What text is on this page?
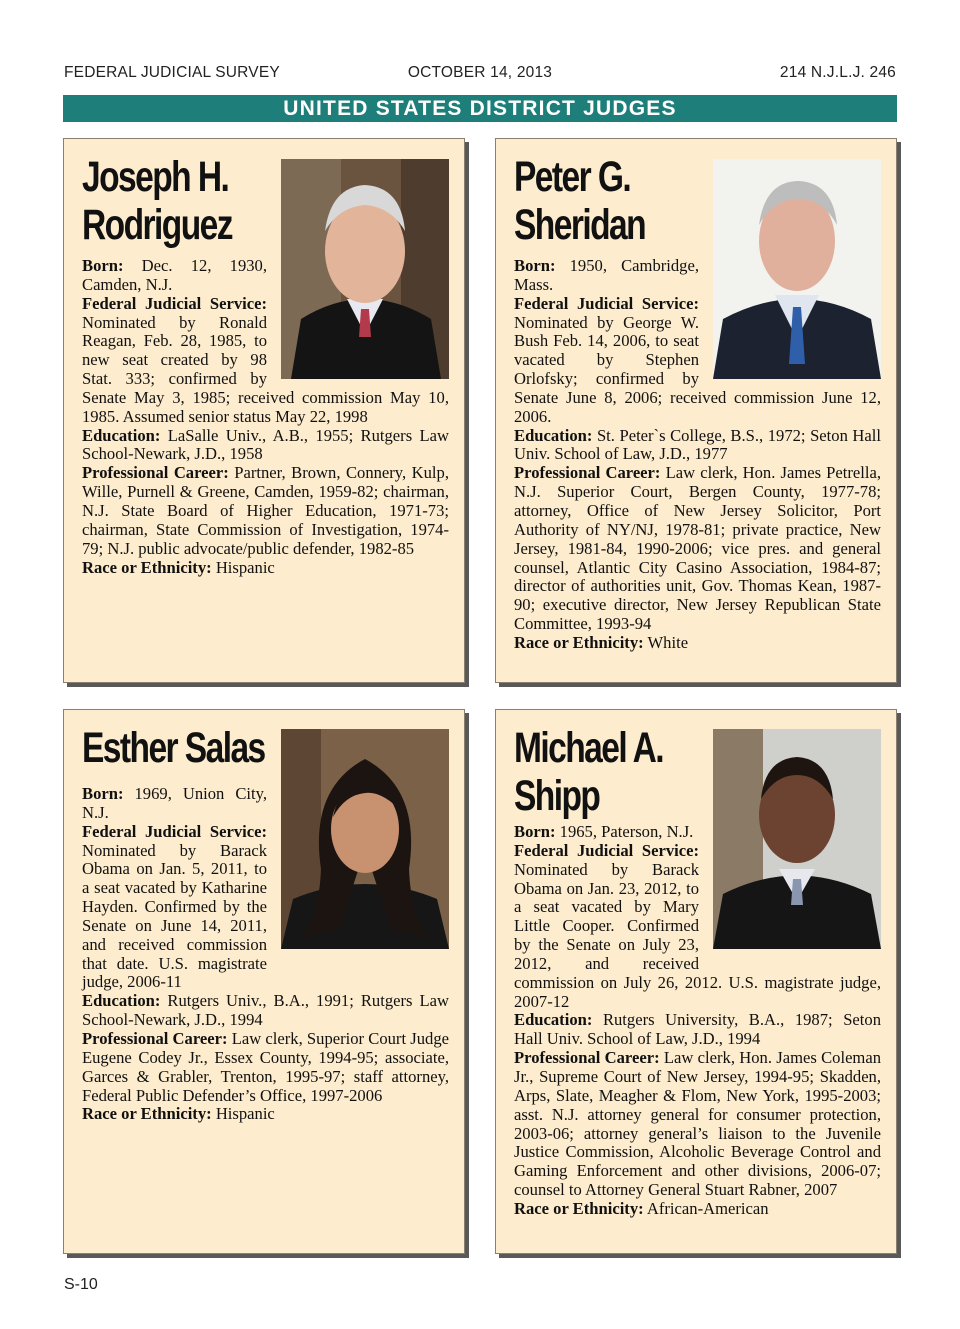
FEDERAL JUDICIAL SURVEY	OCTOBER 14, 2013	214 N.J.L.J. 246
UNITED STATES DISTRICT JUDGES
Joseph H.
Rodriguez

Born: Dec. 12, 1930, Camden, N.J.

Federal Judicial Service: Nominated by Ronald Reagan, Feb. 28, 1985, to new seat created by 98 Stat. 333; confirmed by Senate May 3, 1985; received commission May 10, 1985. Assumed senior status May 22, 1998

Education: LaSalle Univ., A.B., 1955; Rutgers Law School-Newark, J.D., 1958

Professional Career: Partner, Brown, Connery, Kulp, Wille, Purnell & Greene, Camden, 1959-82; chairman, N.J. State Board of Higher Education, 1971-73; chairman, State Commission of Investigation, 1974-79; N.J. public advocate/public defender, 1982-85

Race or Ethnicity: Hispanic

Peter G.
Sheridan

Born: 1950, Cambridge, Mass.

Federal Judicial Service: Nominated by George W. Bush Feb. 14, 2006, to seat vacated by Stephen Orlofsky; confirmed by Senate June 8, 2006; received commission June 12, 2006.

Education: St. Peter`s College, B.S., 1972; Seton Hall Univ. School of Law, J.D., 1977

Professional Career: Law clerk, Hon. James Petrella, N.J. Superior Court, Bergen County, 1977-78; attorney, Office of New Jersey Solicitor, Port Authority of NY/NJ, 1978-81; private practice, New Jersey, 1981-84, 1990-2006; vice pres. and general counsel, Atlantic City Casino Association, 1984-87; director of authorities unit, Gov. Thomas Kean, 1987-90; executive director, New Jersey Republican State Committee, 1993-94

Race or Ethnicity: White

Esther Salas

Born: 1969, Union City, N.J.

Federal Judicial Service: Nominated by Barack Obama on Jan. 5, 2011, to a seat vacated by Katharine Hayden. Confirmed by the Senate on June 14, 2011, and received commission that date. U.S. magistrate judge, 2006-11

Education: Rutgers Univ., B.A., 1991; Rutgers Law School-Newark, J.D., 1994

Professional Career: Law clerk, Superior Court Judge Eugene Codey Jr., Essex County, 1994-95; associate, Garces & Grabler, Trenton, 1995-97; staff attorney, Federal Public Defender’s Office, 1997-2006

Race or Ethnicity: Hispanic

Michael A.
Shipp

Born: 1965, Paterson, N.J.

Federal Judicial Service: Nominated by Barack Obama on Jan. 23, 2012, to a seat vacated by Mary Little Cooper. Confirmed by the Senate on July 23, 2012, and received commission on July 26, 2012. U.S. magistrate judge, 2007-12

Education: Rutgers University, B.A., 1987; Seton Hall Univ. School of Law, J.D., 1994

Professional Career: Law clerk, Hon. James Coleman Jr., Supreme Court of New Jersey, 1994-95; Skadden, Arps, Slate, Meagher & Flom, New York, 1995-2003; asst. N.J. attorney general for consumer protection, 2003-06; attorney general’s liaison to the Juvenile Justice Commission, Alcoholic Beverage Control and Gaming Enforcement and other divisions, 2006-07; counsel to Attorney General Stuart Rabner, 2007

Race or Ethnicity: African-American

S-10
